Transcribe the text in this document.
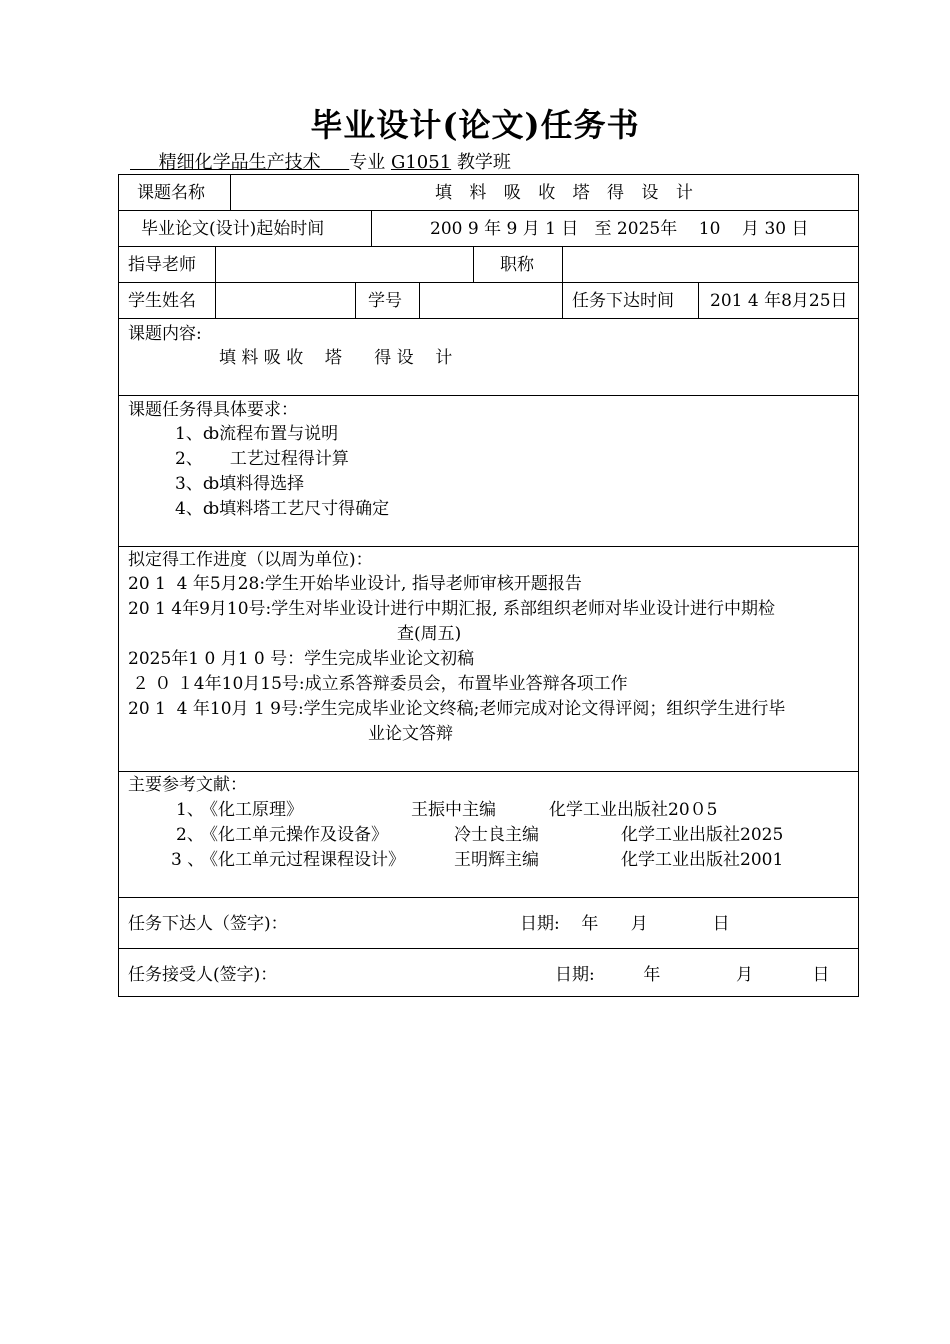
毕业设计(论文)任务书
精细化学品生产技术 专业 G1051 教学班
课题名称	填 料 吸 收 塔 得 设 计
毕业论文(设计)起始时间	200 9 年 9 月 1 日   至 2025年    10    月 30 日
指导老师	职称
学生姓名	学号	任务下达时间 201 4 年8月25日
课题内容:
填 料 吸 收    塔      得 设    计
课题任务得具体要求：
1、ȸ流程布置与说明
2、     工艺过程得计算
3、ȸ填料得选择
4、ȸ填料塔工艺尺寸得确定
拟定得工作进度（以周为单位)：
20 1  4 年5月28:学生开始毕业设计, 指导老师审核开题报告
20 1 4年9月10号:学生对毕业设计进行中期汇报, 系部组织老师对毕业设计进行中期检
查(周五)
2025年1 0 月1 0 号：学生完成毕业论文初稿
２ ０ １4年10月15号:成立系答辩委员会，布置毕业答辩各项工作
20 1  4 年10月 1 9号:学生完成毕业论文终稿;老师完成对论文得评阅；组织学生进行毕
业论文答辩
主要参考文献：
1、
《化工原理》	王振中主编	化学工业出版社20０5
2、
《化工单元操作及设备》	冷士良主编	化学工业出版社2025
3 、
《化工单元过程课程设计》	王明辉主编	化学工业出版社2001
任务下达人（签字)：	日期:    年      月            日
任务接受人(签字)：	日期:         年              月           日
